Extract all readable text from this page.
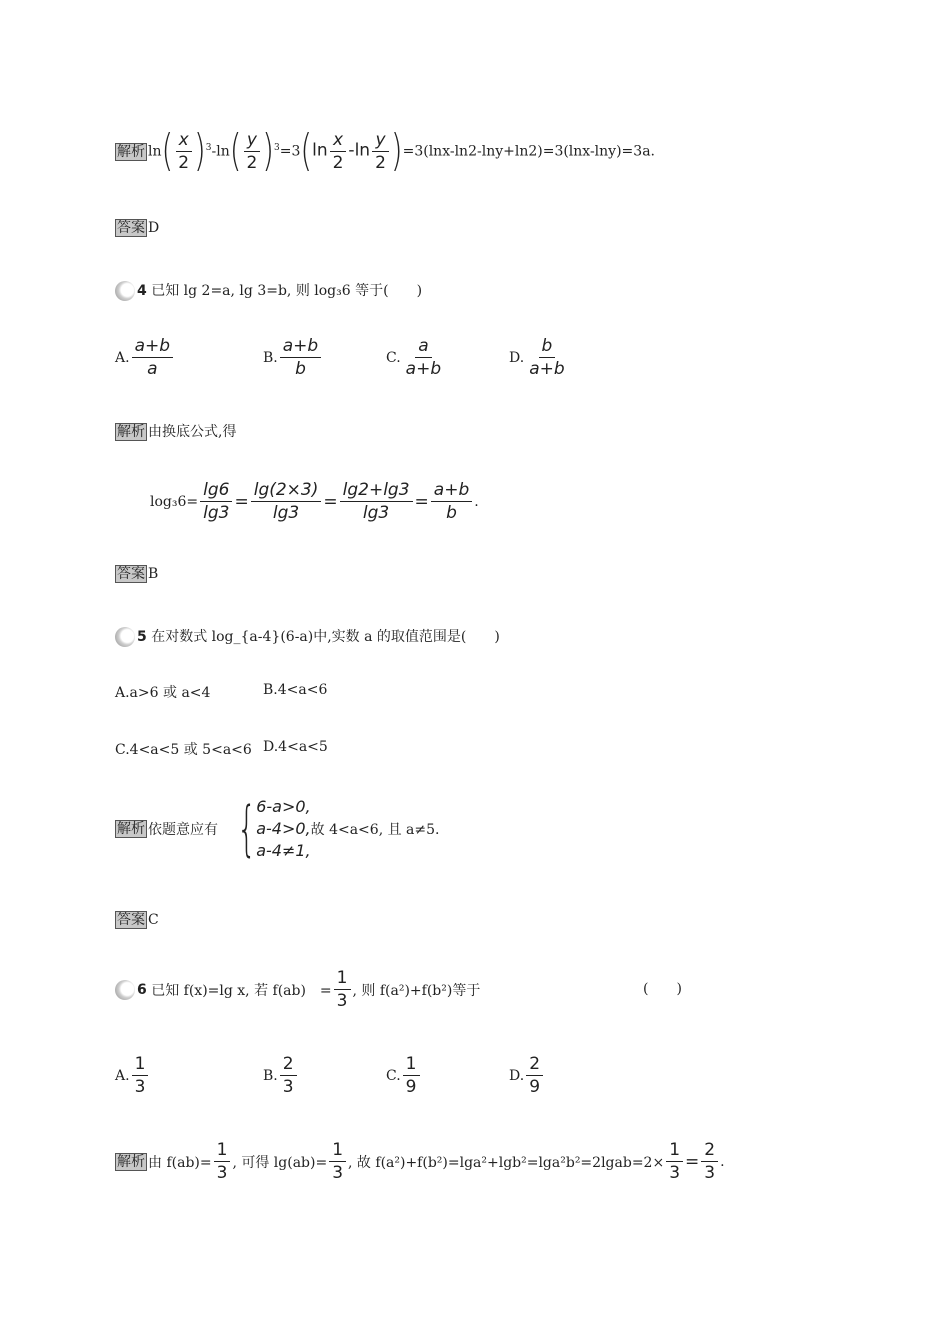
解析 $\ln( \frac{x}{2} )^3-\ln( \frac{y}{2} )^3=3(\ln \frac{x}{2} -\ln \frac{y}{2} )=3(\ln x-\ln 2-\ln y+\ln 2)=3(\ln x-\ln y)=3a$.
答案 D
4 已知 lg 2=a, lg 3=b, 则 log₃6 等于(　　)
A. $\frac{a+b}{a}$	B. $\frac{a+b}{b}$	C. $\frac{a}{a+b}$	D. $\frac{b}{a+b}$
解析 由换底公式,得
$\log_36= \frac{\lg 6}{\lg 3} = \frac{\lg(2\times 3)}{\lg 3} = \frac{\lg 2+\lg 3}{\lg 3} = \frac{a+b}{b}$ .
答案 B
5 在对数式 log_{a-4}(6-a)中,实数 a 的取值范围是(　　)
A.a>6 或 a<4	B.4<a<6
C.4<a<5 或 5<a<6 D.4<a<5
解析 依题意应有 { 6-a>0,
a-4>0,
a-4≠1,
故 4<a<6, 且 a≠5.
答案 C
6
已知 f(x)=lg x, 若 f(ab)　= $\frac{1}{3}$ , 则 f(a²)+f(b²)等于	(　　)
A. $\frac{1}{3}$	B. $\frac{2}{3}$	C. $\frac{1}{9}$	D. $\frac{2}{9}$
解析 由 $f(ab)= \frac{1}{3}$ , 可得 $\lg(ab)= \frac{1}{3}$ , 故 f(a²)+f(b²)=lga²+lgb²=lga²b²=2lgab=2× $\frac{1}{3} = \frac{2}{3}$ .
